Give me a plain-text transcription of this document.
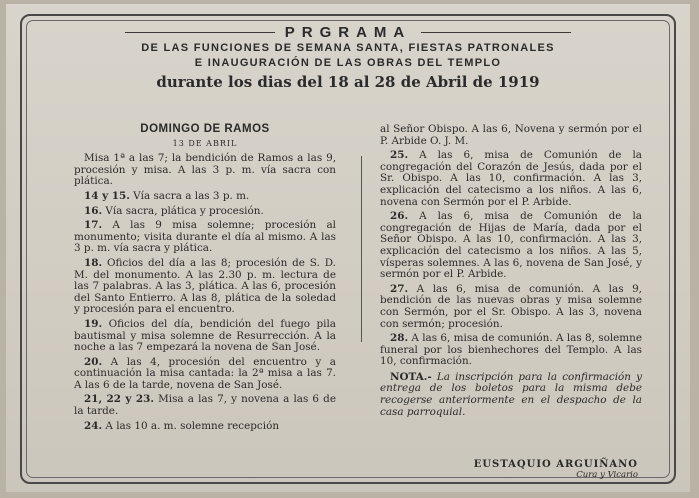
PRGRAMA
DE LAS FUNCIONES DE SEMANA SANTA, FIESTAS PATRONALES
E INAUGURACIÓN DE LAS OBRAS DEL TEMPLO
durante los dias del 18 al 28 de Abril de 1919
DOMINGO DE RAMOS
13 DE ABRIL

Misa 1ª a las 7; la bendición de Ramos a las 9, procesión y misa. A las 3 p. m. vía sacra con plática.

14 y 15. Vía sacra a las 3 p. m.

16. Vía sacra, plática y procesión.

17. A las 9 misa solemne; procesión al monumento; visita durante el día al mismo. A las 3 p. m. vía sacra y plática.

18. Oficios del día a las 8; procesión de S. D. M. del monumento. A las 2.30 p. m. lectura de las 7 palabras. A las 3, plática. A las 6, procesión del Santo Entierro. A las 8, plática de la soledad y procesión para el encuentro.

19. Oficios del día, bendición del fuego pila bautismal y misa solemne de Resurrección. A la noche a las 7 empezará la novena de San José.

20. A las 4, procesión del encuentro y a continuación la misa cantada: la 2ª misa a las 7. A las 6 de la tarde, novena de San José.

21, 22 y 23. Misa a las 7, y novena a las 6 de la tarde.

24. A las 10 a. m. solemne recepción

al Señor Obispo. A las 6, Novena y sermón por el P. Arbide O. J. M.

25. A las 6, misa de Comunión de la congregación del Corazón de Jesús, dada por el Sr. Obispo. A las 10, confirmación. A las 3, explicación del catecismo a los niños. A las 6, novena con Sermón por el P. Arbide.

26. A las 6, misa de Comunión de la congregación de Hijas de María, dada por el Señor Obispo. A las 10, confirmación. A las 3, explicación del catecismo a los niños. A las 5, vísperas solemnes. A las 6, novena de San José, y sermón por el P. Arbide.

27. A las 6, misa de comunión. A las 9, bendición de las nuevas obras y misa solemne con Sermón, por el Sr. Obispo. A las 3, novena con sermón; procesión.

28. A las 6, misa de comunión. A las 8, solemne funeral por los bienhechores del Templo. A las 10, confirmación.

NOTA.- La inscripción para la confirmación y entrega de los boletos para la misma debe recogerse anteriormente en el despacho de la casa parroquial.

EUSTAQUIO ARGUIÑANO
Cura y Vicario
